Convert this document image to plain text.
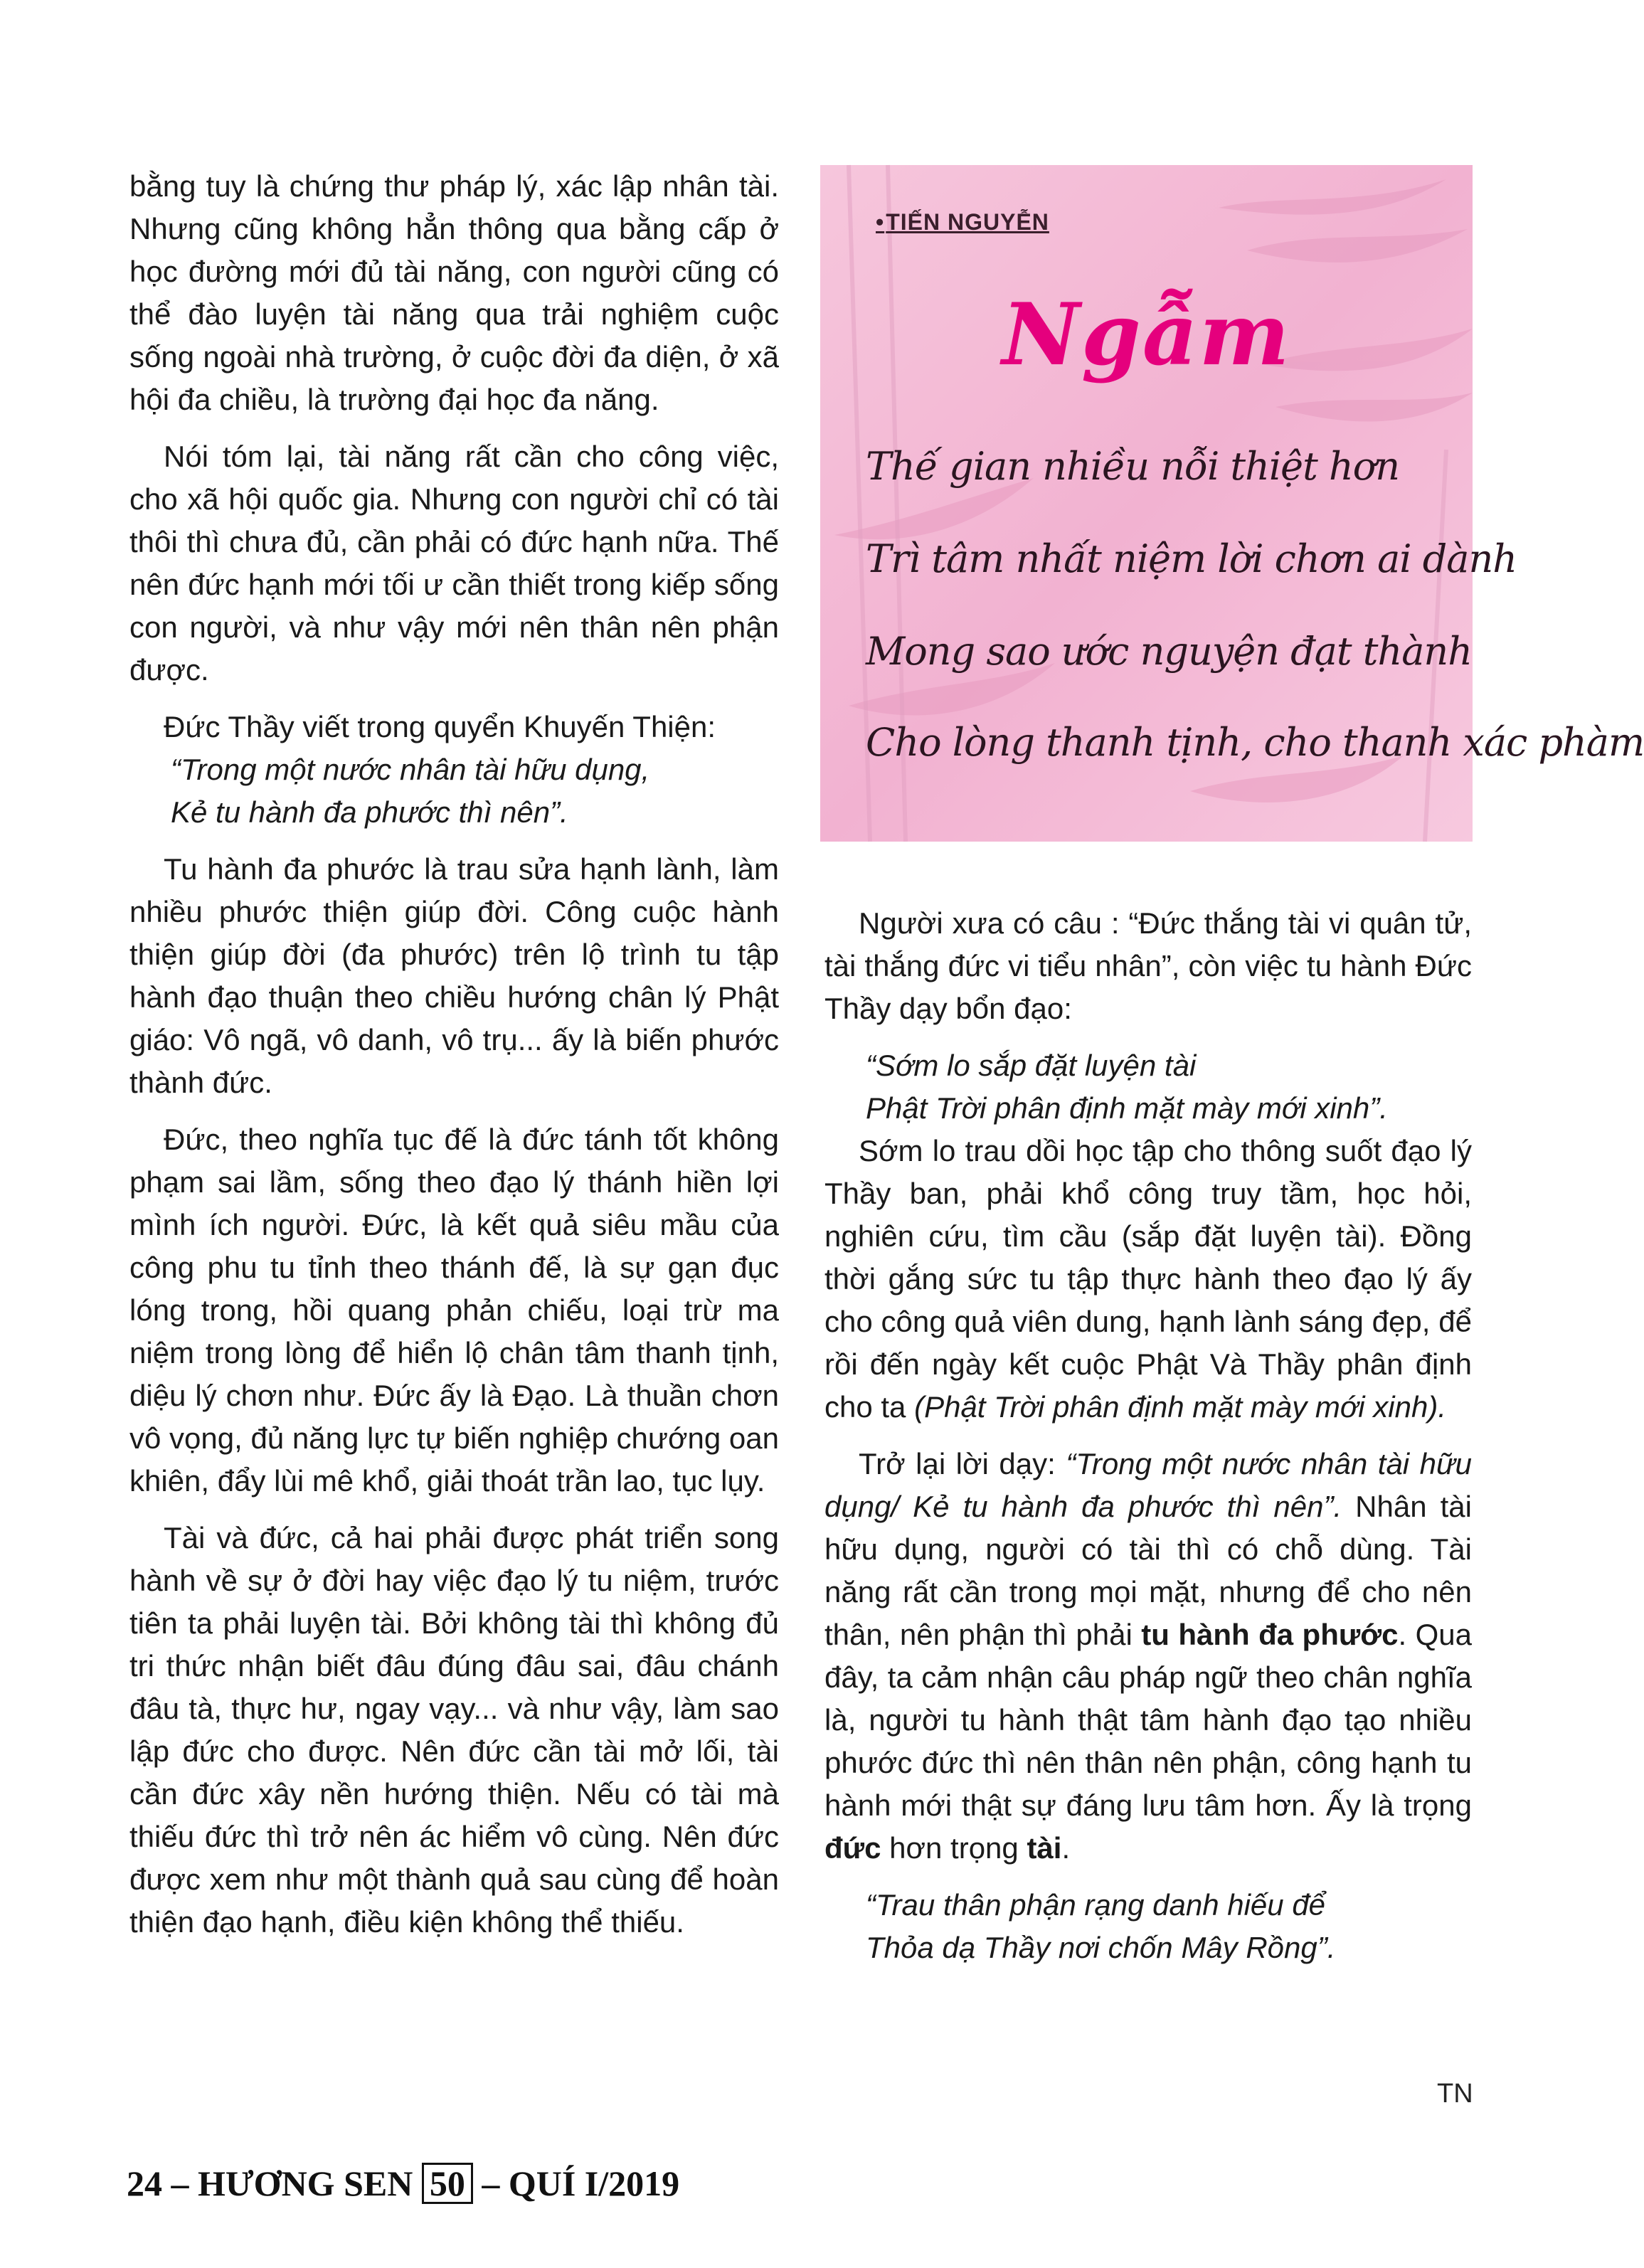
bằng tuy là chứng thư pháp lý, xác lập nhân tài. Nhưng cũng không hẳn thông qua bằng cấp ở học đường mới đủ tài năng, con người cũng có thể đào luyện tài năng qua trải nghiệm cuộc sống ngoài nhà trường, ở cuộc đời đa diện, ở xã hội đa chiều, là trường đại học đa năng.

Nói tóm lại, tài năng rất cần cho công việc, cho xã hội quốc gia. Nhưng con người chỉ có tài thôi thì chưa đủ, cần phải có đức hạnh nữa. Thế nên đức hạnh mới tối ư cần thiết trong kiếp sống con người, và như vậy mới nên thân nên phận được.

Đức Thầy viết trong quyển Khuyến Thiện:

“Trong một nước nhân tài hữu dụng,

Kẻ tu hành đa phước thì nên”.

Tu hành đa phước là trau sửa hạnh lành, làm nhiều phước thiện giúp đời. Công cuộc hành thiện giúp đời (đa phước) trên lộ trình tu tập hành đạo thuận theo chiều hướng chân lý Phật giáo: Vô ngã, vô danh, vô trụ... ấy là biến phước thành đức.

Đức, theo nghĩa tục đế là đức tánh tốt không phạm sai lầm, sống theo đạo lý thánh hiền lợi mình ích người. Đức, là kết quả siêu mầu của công phu tu tỉnh theo thánh đế, là sự gạn đục lóng trong, hồi quang phản chiếu, loại trừ ma niệm trong lòng để hiển lộ chân tâm thanh tịnh, diệu lý chơn như. Đức ấy là Đạo. Là thuần chơn vô vọng, đủ năng lực tự biến nghiệp chướng oan khiên, đẩy lùi mê khổ, giải thoát trần lao, tục lụy.

Tài và đức, cả hai phải được phát triển song hành về sự ở đời hay việc đạo lý tu niệm, trước tiên ta phải luyện tài. Bởi không tài thì không đủ tri thức nhận biết đâu đúng đâu sai, đâu chánh đâu tà, thực hư, ngay vạy... và như vậy, làm sao lập đức cho được. Nên đức cần tài mở lối, tài cần đức xây nền hướng thiện. Nếu có tài mà thiếu đức thì trở nên ác hiểm vô cùng. Nên đức được xem như một thành quả sau cùng để hoàn thiện đạo hạnh, điều kiện không thể thiếu.

• TIẾN NGUYỄN
Ngẫm
Thế gian nhiều nỗi thiệt hơn
Trì tâm nhất niệm lời chơn ai dành
Mong sao ước nguyện đạt thành
Cho lòng thanh tịnh, cho thanh xác phàm

Người xưa có câu : “Đức thắng tài vi quân tử, tài thắng đức vi tiểu nhân”, còn việc tu hành Đức Thầy dạy bổn đạo:

“Sớm lo sắp đặt luyện tài

Phật Trời phân định mặt mày mới xinh”.

Sớm lo trau dồi học tập cho thông suốt đạo lý Thầy ban, phải khổ công truy tầm, học hỏi, nghiên cứu, tìm cầu (sắp đặt luyện tài). Đồng thời gắng sức tu tập thực hành theo đạo lý ấy cho công quả viên dung, hạnh lành sáng đẹp, để rồi đến ngày kết cuộc Phật Và Thầy phân định cho ta (Phật Trời phân định mặt mày mới xinh).

Trở lại lời dạy: “Trong một nước nhân tài hữu dụng/ Kẻ tu hành đa phước thì nên”. Nhân tài hữu dụng, người có tài thì có chỗ dùng. Tài năng rất cần trong mọi mặt, nhưng để cho nên thân, nên phận thì phải tu hành đa phước. Qua đây, ta cảm nhận câu pháp ngữ theo chân nghĩa là, người tu hành thật tâm hành đạo tạo nhiều phước đức thì nên thân nên phận, công hạnh tu hành mới thật sự đáng lưu tâm hơn. Ấy là trọng đức hơn trọng tài.

“Trau thân phận rạng danh hiếu để

Thỏa dạ Thầy nơi chốn Mây Rồng”.

TN
24 – HƯƠNG SEN 50 – QUÍ I/2019
